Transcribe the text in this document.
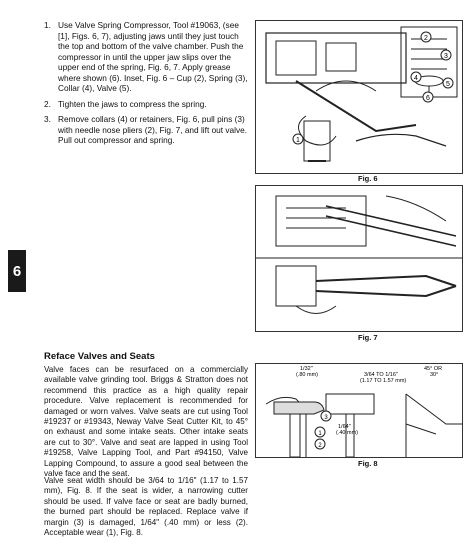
1. Use Valve Spring Compressor, Tool #19063, (see [1], Figs. 6, 7), adjusting jaws until they just touch the top and bottom of the valve chamber. Push the compressor in until the upper jaw slips over the upper end of the spring, Fig. 6, 7. Apply grease where shown (6). Inset, Fig. 6 – Cup (2), Spring (3), Collar (4), Valve (5).
2. Tighten the jaws to compress the spring.
3. Remove collars (4) or retainers, Fig. 6, pull pins (3) with needle nose pliers (2), Fig. 7, and lift out valve. Pull out compressor and spring.
2
3
4
5
6
1
Fig. 6
Fig. 7
1/32"
(.80 mm)	3/64 TO 1/16"
(1.17 TO 1.57 mm)
1/64"
(.40 mm)
45° OR
30°
1
2
3
Fig. 8
6
Reface Valves and Seats

Valve faces can be resurfaced on a commercially available valve grinding tool. Briggs & Stratton does not recommend this practice as a high quality repair procedure. Valve replacement is recommended for damaged or worn valves. Valve seats are cut using Tool #19237 or #19343, Neway Valve Seat Cutter Kit, to 45° on exhaust and some intake seats. Other intake seats are cut to 30°. Valve and seat are lapped in using Tool #19258, Valve Lapping Tool, and Part #94150, Valve Lapping Compound, to assure a good seal between the valve face and the seat.

Valve seat width should be 3/64 to 1/16" (1.17 to 1.57 mm), Fig. 8. If the seat is wider, a narrowing cutter should be used. If valve face or seat are badly burned, the burned part should be replaced. Replace valve if margin (3) is damaged, 1/64" (.40 mm) or less (2). Acceptable wear (1), Fig. 8.
